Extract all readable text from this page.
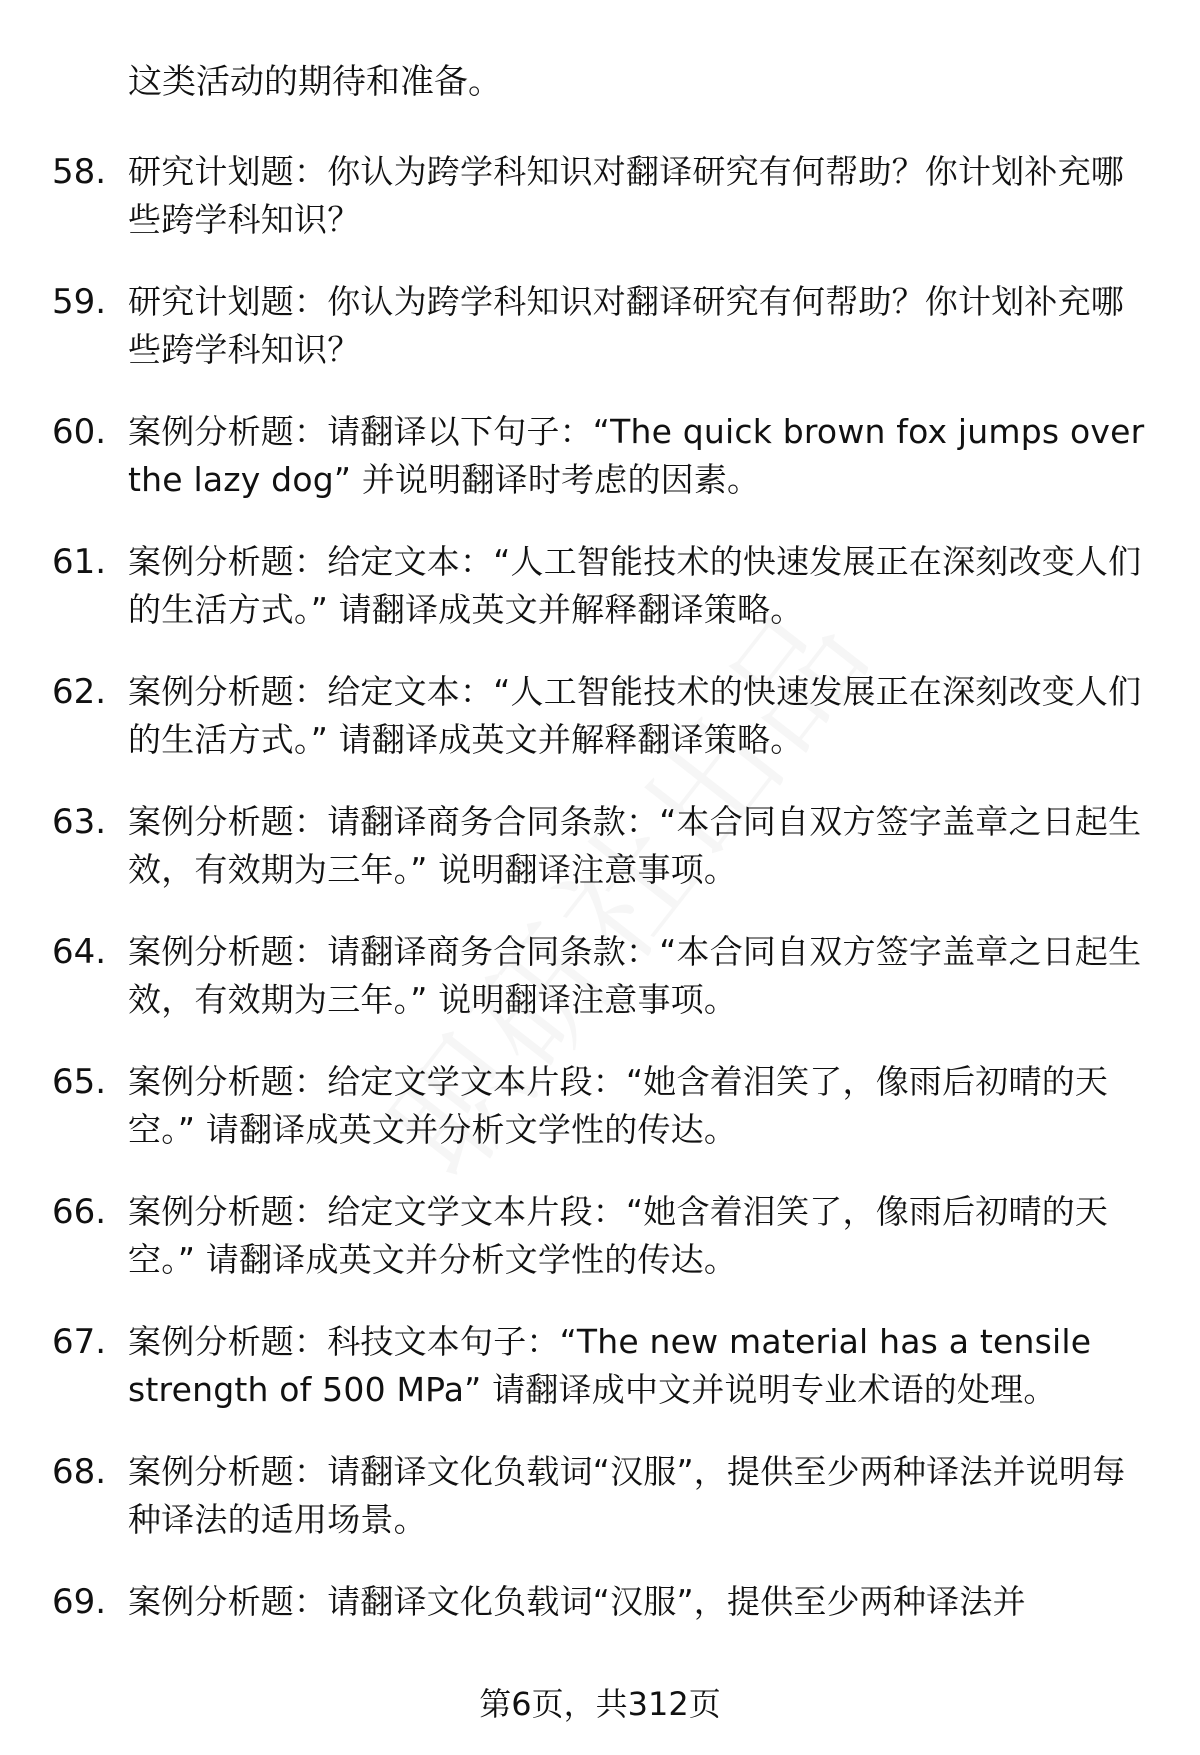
这类活动的期待和准备。
58. 研究计划题：你认为跨学科知识对翻译研究有何帮助？你计划补充哪些跨学科知识？
59. 研究计划题：你认为跨学科知识对翻译研究有何帮助？你计划补充哪些跨学科知识？
60. 案例分析题：请翻译以下句子：“The quick brown fox jumps over the lazy dog” 并说明翻译时考虑的因素。
61. 案例分析题：给定文本：“人工智能技术的快速发展正在深刻改变人们的生活方式。” 请翻译成英文并解释翻译策略。
62. 案例分析题：给定文本：“人工智能技术的快速发展正在深刻改变人们的生活方式。” 请翻译成英文并解释翻译策略。
63. 案例分析题：请翻译商务合同条款：“本合同自双方签字盖章之日起生效，有效期为三年。” 说明翻译注意事项。
64. 案例分析题：请翻译商务合同条款：“本合同自双方签字盖章之日起生效，有效期为三年。” 说明翻译注意事项。
65. 案例分析题：给定文学文本片段：“她含着泪笑了，像雨后初晴的天空。” 请翻译成英文并分析文学性的传达。
66. 案例分析题：给定文学文本片段：“她含着泪笑了，像雨后初晴的天空。” 请翻译成英文并分析文学性的传达。
67. 案例分析题：科技文本句子：“The new material has a tensile strength of 500 MPa” 请翻译成中文并说明专业术语的处理。
68. 案例分析题：请翻译文化负载词“汉服”，提供至少两种译法并说明每种译法的适用场景。
69. 案例分析题：请翻译文化负载词“汉服”，提供至少两种译法并
第6页，共312页
